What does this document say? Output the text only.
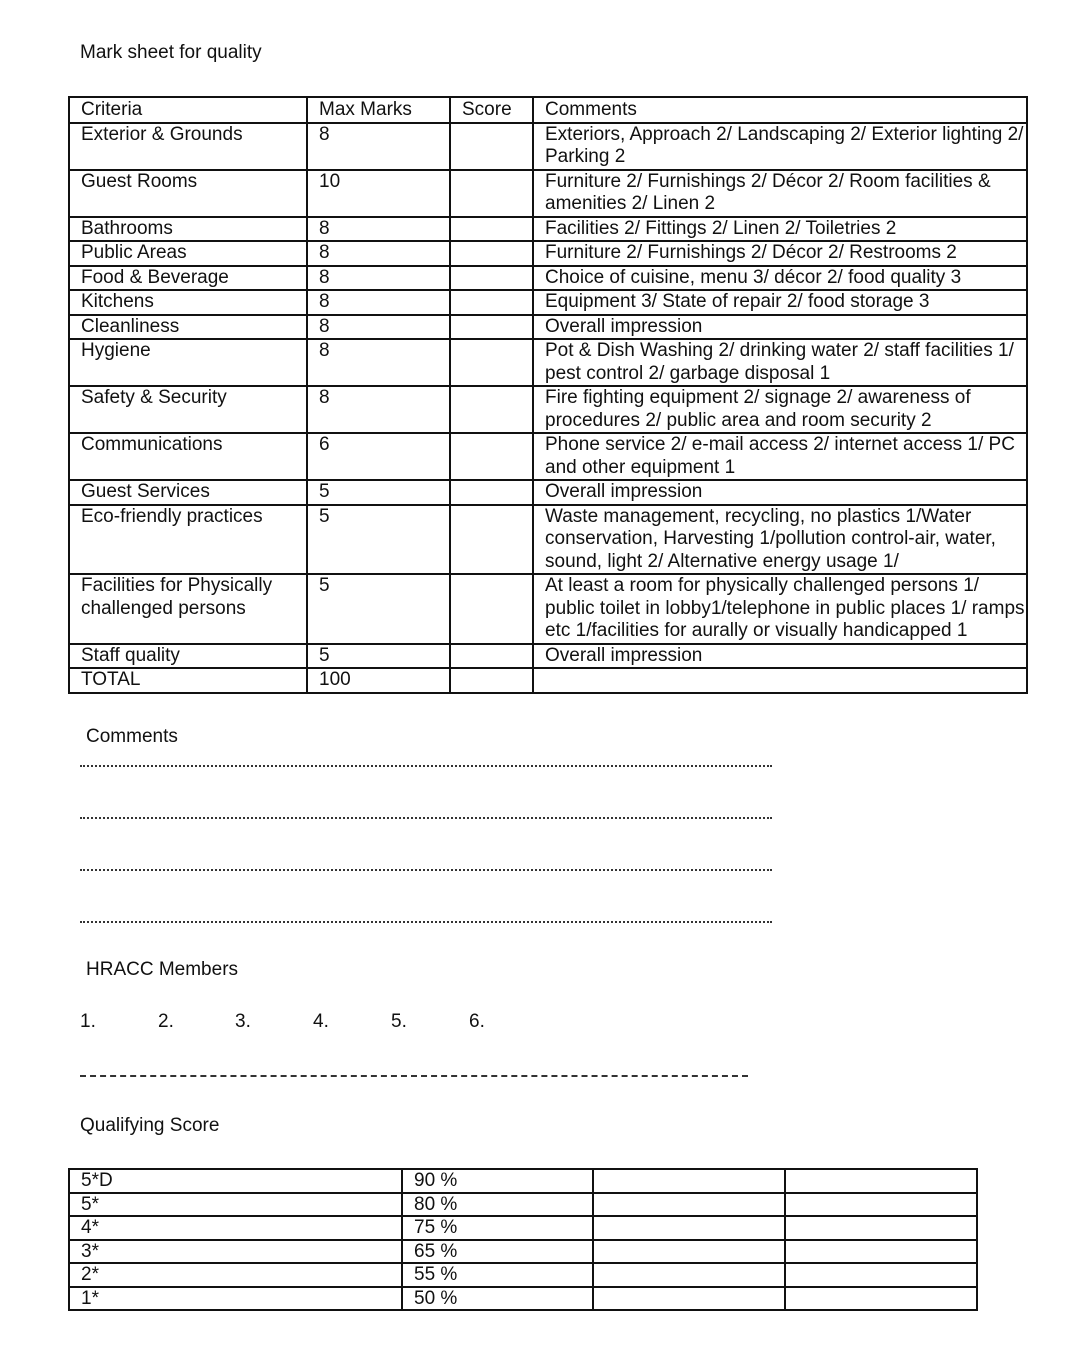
Mark sheet for quality
Criteria	Max Marks	Score	Comments
Exterior & Grounds	8		Exteriors, Approach 2/ Landscaping 2/ Exterior lighting 2/ Parking 2
Guest Rooms	10		Furniture 2/ Furnishings 2/ Décor 2/ Room facilities & amenities 2/ Linen 2
Bathrooms	8		Facilities 2/ Fittings 2/ Linen 2/ Toiletries 2
Public Areas	8		Furniture 2/ Furnishings 2/ Décor 2/ Restrooms 2
Food & Beverage	8		Choice of cuisine, menu 3/ décor 2/ food quality 3
Kitchens	8		Equipment 3/ State of repair 2/ food storage 3
Cleanliness	8		Overall impression
Hygiene	8		Pot & Dish Washing 2/ drinking water 2/ staff facilities 1/ pest control 2/ garbage disposal 1
Safety & Security	8		Fire fighting equipment 2/ signage 2/ awareness of procedures 2/ public area and room security 2
Communications	6		Phone service 2/ e-mail access 2/ internet access 1/ PC and other equipment 1
Guest Services	5		Overall impression
Eco-friendly practices	5		Waste management, recycling, no plastics 1/Water conservation, Harvesting 1/pollution control-air, water, sound, light 2/ Alternative energy usage 1/
Facilities for Physically challenged persons	5		At least a room for physically challenged persons 1/ public toilet in lobby1/telephone in public places 1/ ramps etc 1/facilities for aurally or visually handicapped 1
Staff quality	5		Overall impression
TOTAL	100		
Comments
HRACC Members
1.	2.	3.	4.	5.	6.
Qualifying Score
5*D	90 %		
5*	80 %		
4*	75 %		
3*	65 %		
2*	55 %		
1*	50 %		
